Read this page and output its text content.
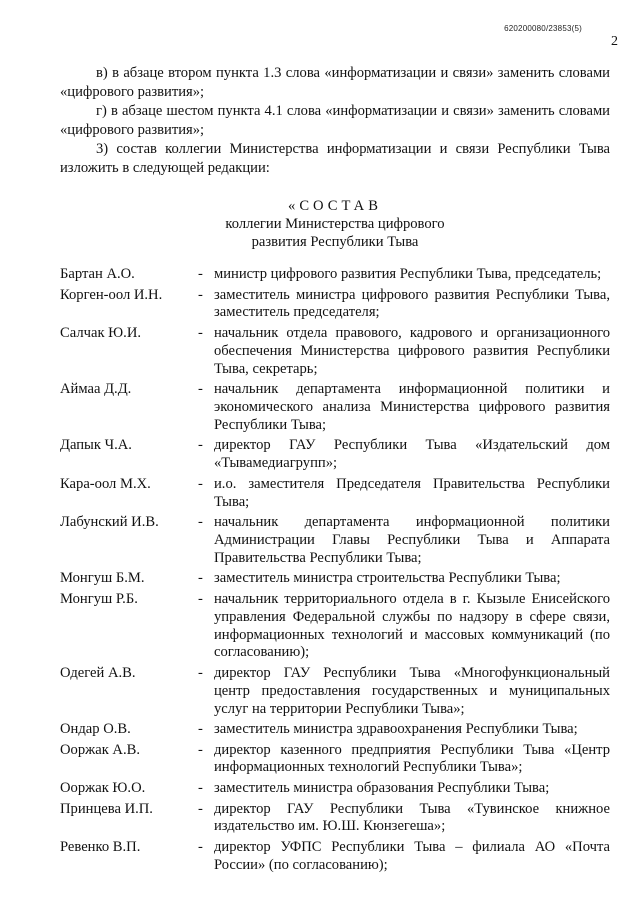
620200080/23853(5)
2

в) в абзаце втором пункта 1.3 слова «информатизации и связи» заменить словами «цифрового развития»;

г) в абзаце шестом пункта 4.1 слова «информатизации и связи» заменить словами «цифрового развития»;

3) состав коллегии Министерства информатизации и связи Республики Тыва изложить в следующей редакции:

«СОСТАВ
коллегии Министерства цифрового
развития Республики Тыва
Бартан А.О.	- министр цифрового развития Республики Тыва, председатель;
Корген-оол И.Н.	- заместитель министра цифрового развития Республики Тыва, заместитель председателя;
Салчак Ю.И.	- начальник отдела правового, кадрового и организационного обеспечения Министерства цифрового развития Республики Тыва, секретарь;
Аймаа Д.Д.	- начальник департамента информационной политики и экономического анализа Министерства цифрового развития Республики Тыва;
Дапык Ч.А.	- директор ГАУ Республики Тыва «Издательский дом «Тывамедиагрупп»;
Кара-оол М.Х.	- и.о. заместителя Председателя Правительства Республики Тыва;
Лабунский И.В.	- начальник департамента информационной политики Администрации Главы Республики Тыва и Аппарата Правительства Республики Тыва;
Монгуш Б.М.	- заместитель министра строительства Республики Тыва;
Монгуш Р.Б.	- начальник территориального отдела в г. Кызыле Енисейского управления Федеральной службы по надзору в сфере связи, информационных технологий и массовых коммуникаций (по согласованию);
Одегей А.В.	- директор ГАУ Республики Тыва «Многофункциональный центр предоставления государственных и муниципальных услуг на территории Республики Тыва»;
Ондар О.В.	- заместитель министра здравоохранения Республики Тыва;
Ооржак А.В.	- директор казенного предприятия Республики Тыва «Центр информационных технологий Республики Тыва»;
Ооржак Ю.О.	- заместитель министра образования Республики Тыва;
Принцева И.П.	- директор ГАУ Республики Тыва «Тувинское книжное издательство им. Ю.Ш. Кюнзегеша»;
Ревенко В.П.	- директор УФПС Республики Тыва – филиала АО «Почта России» (по согласованию);
